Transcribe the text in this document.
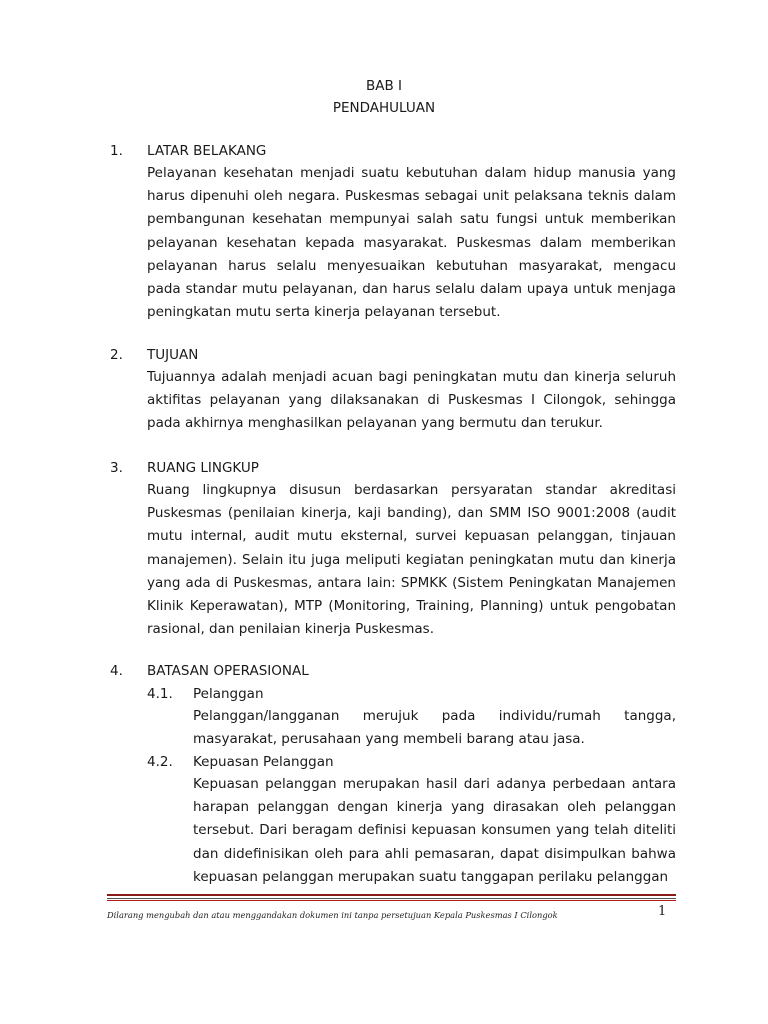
BAB I
PENDAHULUAN
1. LATAR BELAKANG

Pelayanan kesehatan menjadi suatu kebutuhan dalam hidup manusia yang harus dipenuhi oleh negara. Puskesmas sebagai unit pelaksana teknis dalam pembangunan kesehatan mempunyai salah satu fungsi untuk memberikan pelayanan kesehatan kepada masyarakat. Puskesmas dalam memberikan pelayanan harus selalu menyesuaikan kebutuhan masyarakat, mengacu pada standar mutu pelayanan, dan harus selalu dalam upaya untuk menjaga peningkatan mutu serta kinerja pelayanan tersebut.

2. TUJUAN

Tujuannya adalah menjadi acuan bagi peningkatan mutu dan kinerja seluruh aktifitas pelayanan yang dilaksanakan di Puskesmas I Cilongok, sehingga pada akhirnya menghasilkan pelayanan yang bermutu dan terukur.

3. RUANG LINGKUP

Ruang lingkupnya disusun berdasarkan persyaratan standar akreditasi Puskesmas (penilaian kinerja, kaji banding), dan SMM ISO 9001:2008 (audit mutu internal, audit mutu eksternal, survei kepuasan pelanggan, tinjauan manajemen). Selain itu juga meliputi kegiatan peningkatan mutu dan kinerja yang ada di Puskesmas, antara lain: SPMKK (Sistem Peningkatan Manajemen Klinik Keperawatan), MTP (Monitoring, Training, Planning) untuk pengobatan rasional, dan penilaian kinerja Puskesmas.

4. BATASAN OPERASIONAL
4.1. Pelanggan

Pelanggan/langganan merujuk pada individu/rumah tangga, masyarakat, perusahaan yang membeli barang atau jasa.

4.2. Kepuasan Pelanggan

Kepuasan pelanggan merupakan hasil dari adanya perbedaan antara harapan pelanggan dengan kinerja yang dirasakan oleh pelanggan tersebut. Dari beragam definisi kepuasan konsumen yang telah diteliti dan didefinisikan oleh para ahli pemasaran, dapat disimpulkan bahwa kepuasan pelanggan merupakan suatu tanggapan perilaku pelanggan

Dilarang mengubah dan atau menggandakan dokumen ini tanpa persetujuan Kepala Puskesmas I Cilongok	1
